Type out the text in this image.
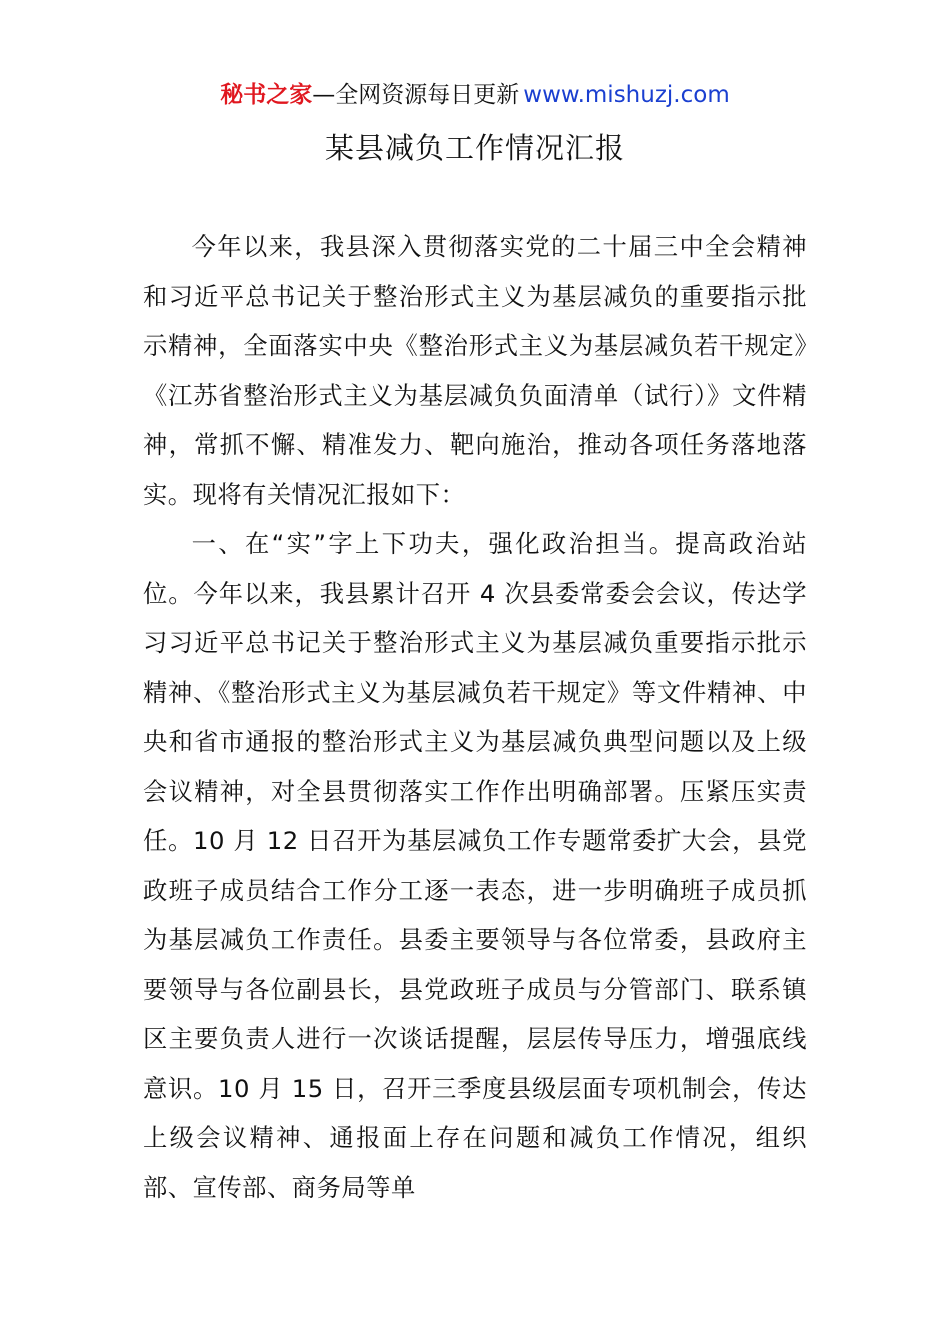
秘书之家—全网资源每日更新 www.mishuzj.com
某县减负工作情况汇报

今年以来，我县深入贯彻落实党的二十届三中全会精神和习近平总书记关于整治形式主义为基层减负的重要指示批示精神，全面落实中央《整治形式主义为基层减负若干规定》《江苏省整治形式主义为基层减负负面清单（试行）》文件精神，常抓不懈、精准发力、靶向施治，推动各项任务落地落实。现将有关情况汇报如下：

一、在“实”字上下功夫，强化政治担当。提高政治站位。今年以来，我县累计召开 4 次县委常委会会议，传达学习习近平总书记关于整治形式主义为基层减负重要指示批示精神、《整治形式主义为基层减负若干规定》等文件精神、中央和省市通报的整治形式主义为基层减负典型问题以及上级会议精神，对全县贯彻落实工作作出明确部署。压紧压实责任。10 月 12 日召开为基层减负工作专题常委扩大会，县党政班子成员结合工作分工逐一表态，进一步明确班子成员抓为基层减负工作责任。县委主要领导与各位常委，县政府主要领导与各位副县长，县党政班子成员与分管部门、联系镇区主要负责人进行一次谈话提醒，层层传导压力，增强底线意识。10 月 15 日，召开三季度县级层面专项机制会，传达上级会议精神、通报面上存在问题和减负工作情况，组织部、宣传部、商务局等单
